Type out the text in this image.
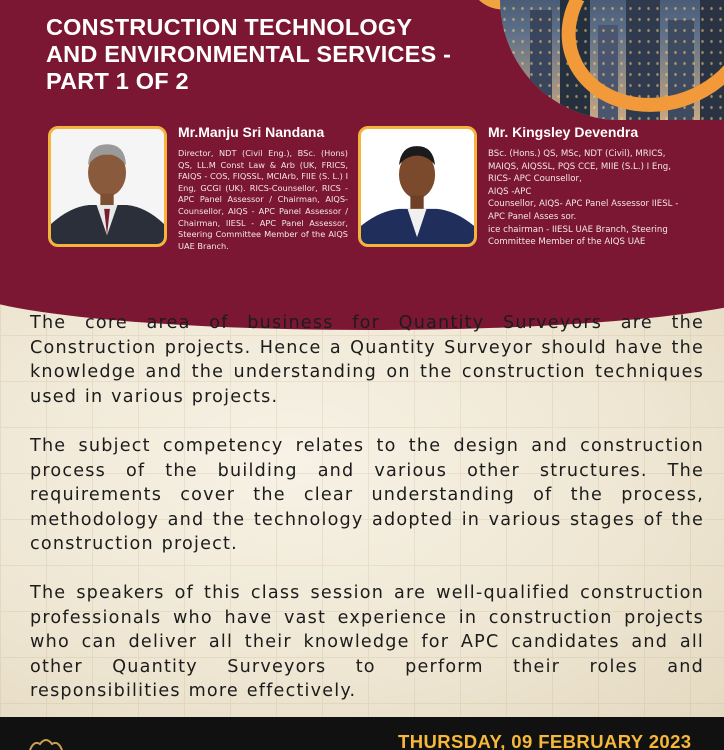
CONSTRUCTION TECHNOLOGY
AND ENVIRONMENTAL SERVICES -
PART 1 OF 2
Mr.Manju Sri Nandana
Director, NDT (Civil Eng.), BSc. (Hons) QS, LL.M Const Law & Arb (UK, FRICS, FAIQS - COS, FIQSSL, MCIArb, FIIE (S. L.) I Eng, GCGI (UK). RICS-Counsellor, RICS - APC Panel Assessor / Chairman, AIQS-Counsellor, AIQS - APC Panel Assessor / Chairman, IIESL - APC Panel Assessor, Steering Committee Member of the AIQS UAE Branch.
Mr. Kingsley Devendra
BSc. (Hons.) QS, MSc, NDT (Civil), MRICS,
MAIQS, AIQSSL, PQS CCE, MIIE (S.L.) I Eng,
RICS- APC Counsellor,
AIQS -APC
Counsellor, AIQS- APC Panel Assessor IIESL -
APC Panel Asses sor.
ice chairman - IIESL UAE Branch, Steering
Committee Member of the AIQS UAE

The core area of business for Quantity Surveyors are the Construction projects. Hence a Quantity Surveyor should have the knowledge and the understanding on the construction techniques used in various projects.

The subject competency relates to the design and construction process of the building and various other structures. The requirements cover the clear understanding of the process, methodology and the technology adopted in various stages of the construction project.

The speakers of this class session are well-qualified construction professionals who have vast experience in construction projects who can deliver all their knowledge for APC candidates and all other Quantity Surveyors to perform their roles and responsibilities more effectively.

THURSDAY, 09 FEBRUARY 2023
